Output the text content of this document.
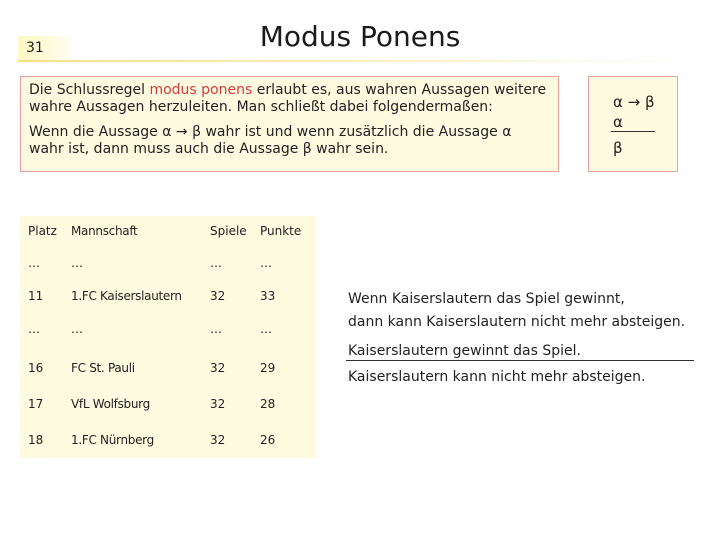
31	Modus Ponens

Die Schlussregel modus ponens erlaubt es, aus wahren Aussagen weitere wahre Aussagen herzuleiten. Man schließt dabei folgendermaßen:

Wenn die Aussage α → β wahr ist und wenn zusätzlich die Aussage α wahr ist, dann muss auch die Aussage β wahr sein.

α → β
α
β
Platz Mannschaft	Spiele Punkte
…	…	…	…
11 1.FC Kaiserslautern 32	33
…	…	…	…
16 FC St. Pauli	32	29
17 VfL Wolfsburg	32	28
18 1.FC Nürnberg	32	26
Wenn Kaiserslautern das Spiel gewinnt,
dann kann Kaiserslautern nicht mehr absteigen.
Kaiserslautern gewinnt das Spiel.
Kaiserslautern kann nicht mehr absteigen.
